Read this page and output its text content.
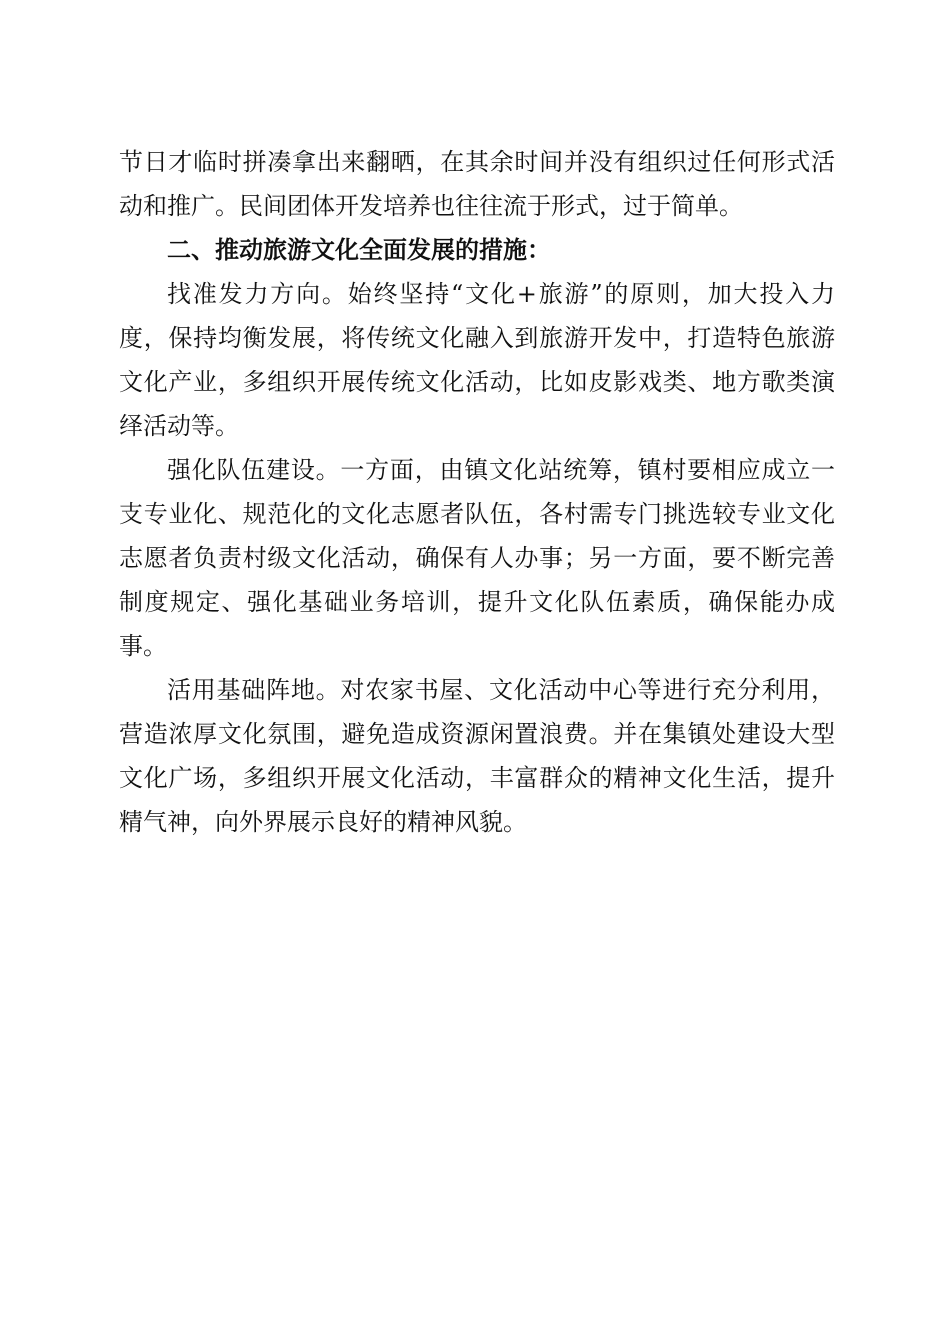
节日才临时拼凑拿出来翻晒，在其余时间并没有组织过任何形式活动和推广。民间团体开发培养也往往流于形式，过于简单。

二、推动旅游文化全面发展的措施：

找准发力方向。始终坚持“文化+旅游”的原则，加大投入力度，保持均衡发展，将传统文化融入到旅游开发中，打造特色旅游文化产业，多组织开展传统文化活动，比如皮影戏类、地方歌类演绎活动等。

强化队伍建设。一方面，由镇文化站统筹，镇村要相应成立一支专业化、规范化的文化志愿者队伍，各村需专门挑选较专业文化志愿者负责村级文化活动，确保有人办事；另一方面，要不断完善制度规定、强化基础业务培训，提升文化队伍素质，确保能办成事。

活用基础阵地。对农家书屋、文化活动中心等进行充分利用，营造浓厚文化氛围，避免造成资源闲置浪费。并在集镇处建设大型文化广场，多组织开展文化活动，丰富群众的精神文化生活，提升精气神，向外界展示良好的精神风貌。
